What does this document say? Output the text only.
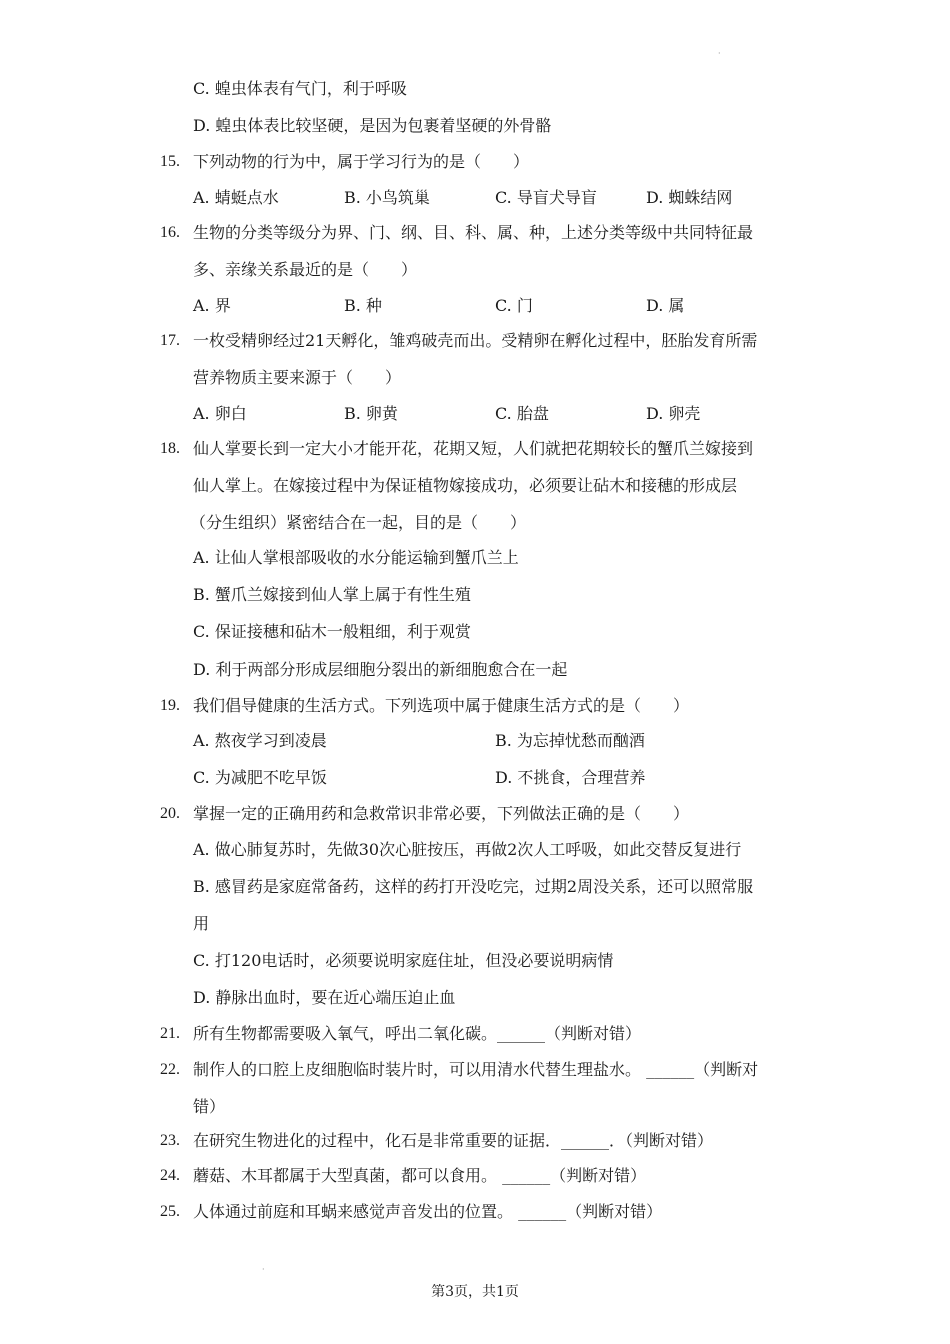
·
C. 蝗虫体表有气门，利于呼吸
D. 蝗虫体表比较坚硬，是因为包裹着坚硬的外骨骼
15. 下列动物的行为中，属于学习行为的是（　　）
A. 蜻蜓点水	B. 小鸟筑巢	C. 导盲犬导盲	D. 蜘蛛结网
16. 生物的分类等级分为界、门、纲、目、科、属、种，上述分类等级中共同特征最
多、亲缘关系最近的是（　　）
A. 界	B. 种	C. 门	D. 属
17. 一枚受精卵经过21天孵化，雏鸡破壳而出。受精卵在孵化过程中，胚胎发育所需
营养物质主要来源于（　　）
A. 卵白	B. 卵黄	C. 胎盘	D. 卵壳
18. 仙人掌要长到一定大小才能开花，花期又短，人们就把花期较长的蟹爪兰嫁接到
仙人掌上。在嫁接过程中为保证植物嫁接成功，必须要让砧木和接穗的形成层
（分生组织）紧密结合在一起，目的是（　　）
A. 让仙人掌根部吸收的水分能运输到蟹爪兰上
B. 蟹爪兰嫁接到仙人掌上属于有性生殖
C. 保证接穗和砧木一般粗细，利于观赏
D. 利于两部分形成层细胞分裂出的新细胞愈合在一起
19. 我们倡导健康的生活方式。下列选项中属于健康生活方式的是（　　）
A. 熬夜学习到凌晨	B. 为忘掉忧愁而酗酒
C. 为减肥不吃早饭	D. 不挑食，合理营养
20. 掌握一定的正确用药和急救常识非常必要，下列做法正确的是（　　）
A. 做心肺复苏时，先做30次心脏按压，再做2次人工呼吸，如此交替反复进行
B. 感冒药是家庭常备药，这样的药打开没吃完，过期2周没关系，还可以照常服
用
C. 打120电话时，必须要说明家庭住址，但没必要说明病情
D. 静脉出血时，要在近心端压迫止血
21. 所有生物都需要吸入氧气，呼出二氧化碳。______（判断对错）
22. 制作人的口腔上皮细胞临时装片时，可以用清水代替生理盐水。 ______（判断对
错）
23. 在研究生物进化的过程中，化石是非常重要的证据．______．（判断对错）
24. 蘑菇、木耳都属于大型真菌，都可以食用。 ______（判断对错）
25. 人体通过前庭和耳蜗来感觉声音发出的位置。 ______（判断对错）
·
第3页，共1页
